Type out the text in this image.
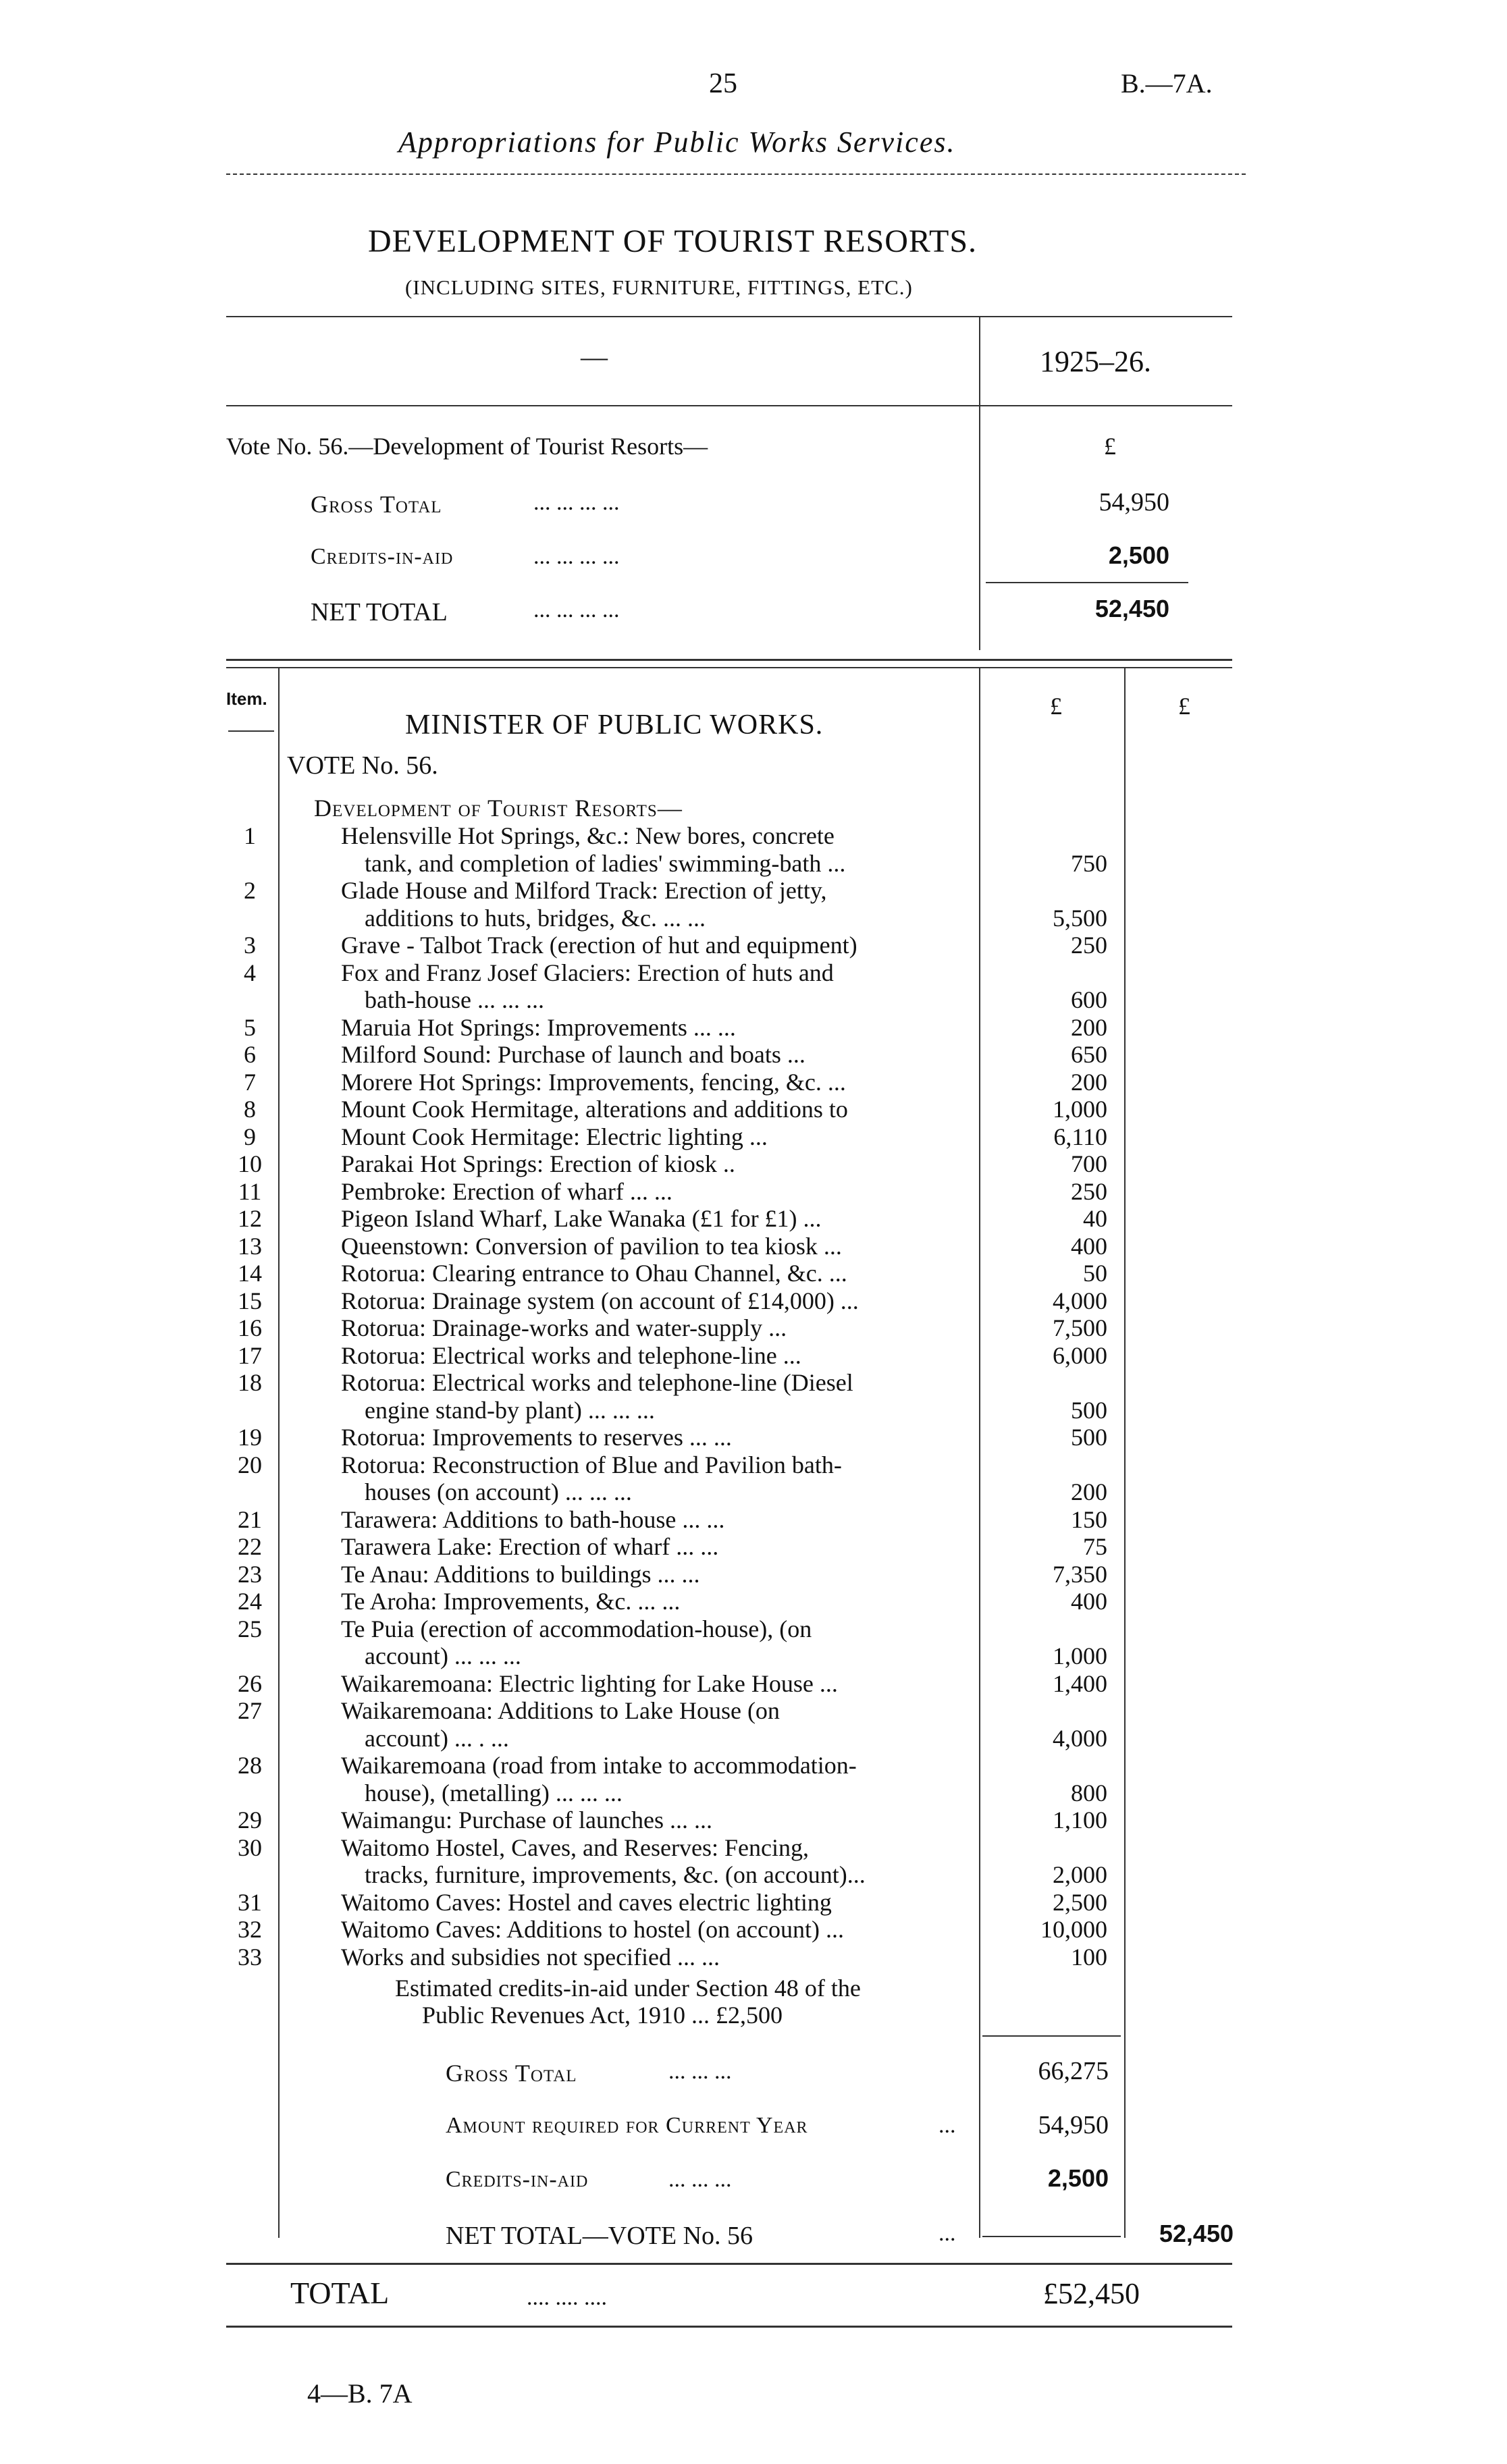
25	B.—7A.
Appropriations for Public Works Services.
DEVELOPMENT OF TOURIST RESORTS.
(INCLUDING SITES, FURNITURE, FITTINGS, ETC.)
—	1925–26.
Vote No. 56.—Development of Tourist Resorts—	£
Gross Total	... ... ... ...	54,950
Credits-in-aid	... ... ... ...	2,500
NET TOTAL	... ... ... ...	52,450
Item.	£	£
MINISTER OF PUBLIC WORKS.
VOTE No. 56.
Development of Tourist Resorts—
1	Helensville Hot Springs, &c.: New bores, concrete
tank, and completion of ladies' swimming-bath ...	750
2	Glade House and Milford Track: Erection of jetty,
additions to huts, bridges, &c. ... ...	5,500
3	Grave - Talbot Track (erection of hut and equipment)	250
4	Fox and Franz Josef Glaciers: Erection of huts and
bath-house ... ... ...	600
5	Maruia Hot Springs: Improvements ... ...	200
6	Milford Sound: Purchase of launch and boats ...	650
7	Morere Hot Springs: Improvements, fencing, &c. ...	200
8	Mount Cook Hermitage, alterations and additions to	1,000
9	Mount Cook Hermitage: Electric lighting ...	6,110
10	Parakai Hot Springs: Erection of kiosk ..	700
11	Pembroke: Erection of wharf ... ...	250
12	Pigeon Island Wharf, Lake Wanaka (£1 for £1) ...	40
13	Queenstown: Conversion of pavilion to tea kiosk ...	400
14	Rotorua: Clearing entrance to Ohau Channel, &c. ...	50
15	Rotorua: Drainage system (on account of £14,000) ...	4,000
16	Rotorua: Drainage-works and water-supply ...	7,500
17	Rotorua: Electrical works and telephone-line ...	6,000
18	Rotorua: Electrical works and telephone-line (Diesel
engine stand-by plant) ... ... ...	500
19	Rotorua: Improvements to reserves ... ...	500
20	Rotorua: Reconstruction of Blue and Pavilion bath-
houses (on account) ... ... ...	200
21	Tarawera: Additions to bath-house ... ...	150
22	Tarawera Lake: Erection of wharf ... ...	75
23	Te Anau: Additions to buildings ... ...	7,350
24	Te Aroha: Improvements, &c. ... ...	400
25	Te Puia (erection of accommodation-house), (on
account) ... ... ...	1,000
26	Waikaremoana: Electric lighting for Lake House ...	1,400
27	Waikaremoana: Additions to Lake House (on
account) ... . ...	4,000
28	Waikaremoana (road from intake to accommodation-
house), (metalling) ... ... ...	800
29	Waimangu: Purchase of launches ... ...	1,100
30	Waitomo Hostel, Caves, and Reserves: Fencing,
tracks, furniture, improvements, &c. (on account)...	2,000
31	Waitomo Caves: Hostel and caves electric lighting	2,500
32	Waitomo Caves: Additions to hostel (on account) ...	10,000
33	Works and subsidies not specified ... ...	100
Estimated credits-in-aid under Section 48 of the
Public Revenues Act, 1910 ... £2,500
Gross Total	... ... ...	66,275
Amount required for Current Year	...	54,950
Credits-in-aid	... ... ...	2,500
NET TOTAL—VOTE No. 56	...	52,450
TOTAL	.... .... ....	£52,450
4—B. 7A
